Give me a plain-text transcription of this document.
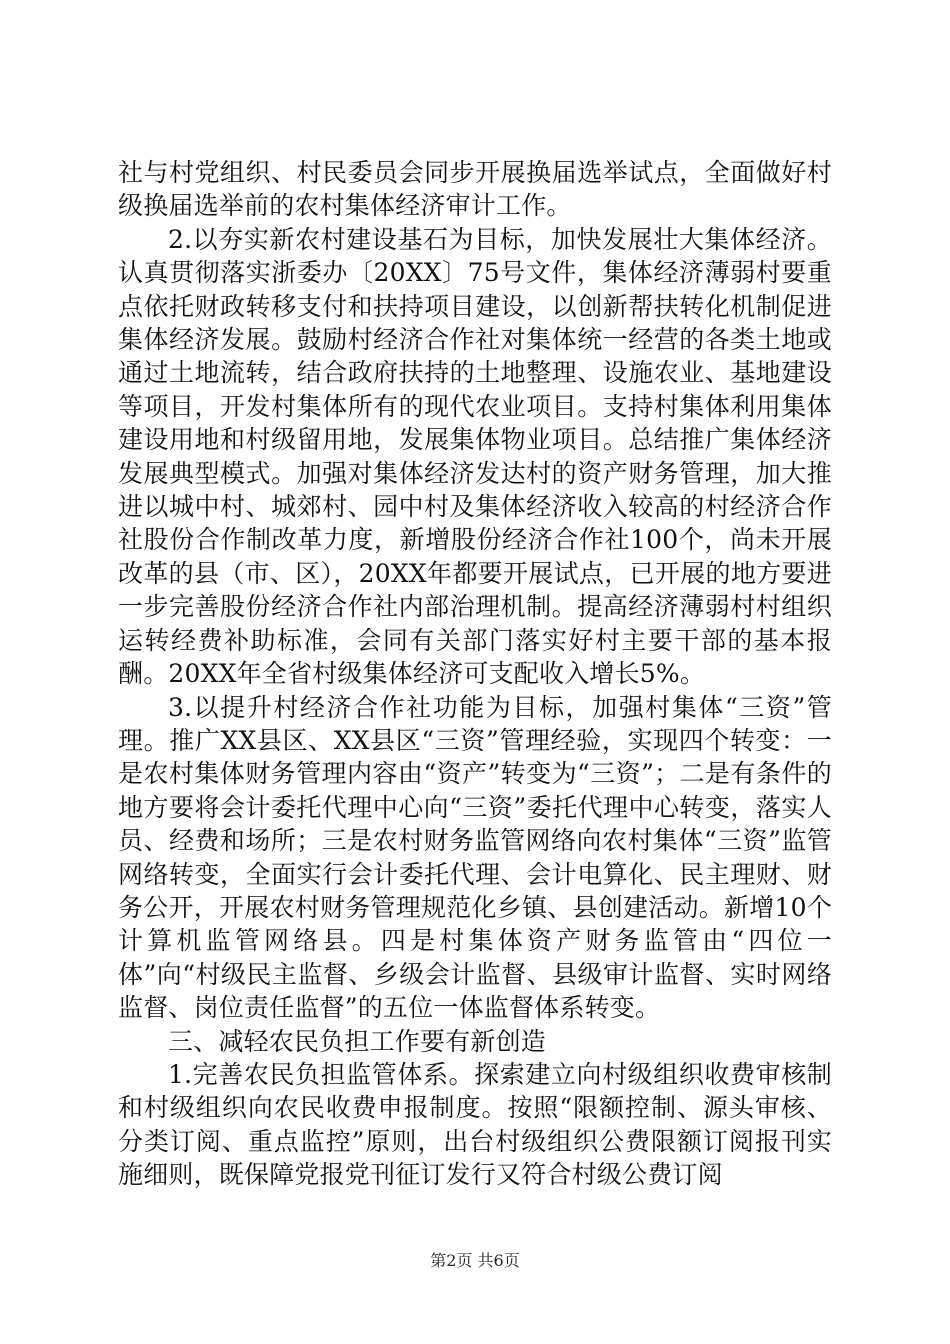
社与村党组织、村民委员会同步开展换届选举试点，全面做好村级换届选举前的农村集体经济审计工作。

2.以夯实新农村建设基石为目标，加快发展壮大集体经济。认真贯彻落实浙委办〔20XX〕75号文件，集体经济薄弱村要重点依托财政转移支付和扶持项目建设，以创新帮扶转化机制促进集体经济发展。鼓励村经济合作社对集体统一经营的各类土地或通过土地流转，结合政府扶持的土地整理、设施农业、基地建设等项目，开发村集体所有的现代农业项目。支持村集体利用集体建设用地和村级留用地，发展集体物业项目。总结推广集体经济发展典型模式。加强对集体经济发达村的资产财务管理，加大推进以城中村、城郊村、园中村及集体经济收入较高的村经济合作社股份合作制改革力度，新增股份经济合作社100个，尚未开展改革的县（市、区），20XX年都要开展试点，已开展的地方要进一步完善股份经济合作社内部治理机制。提高经济薄弱村村组织运转经费补助标准，会同有关部门落实好村主要干部的基本报酬。20XX年全省村级集体经济可支配收入增长5%。

3.以提升村经济合作社功能为目标，加强村集体“三资”管理。推广XX县区、XX县区“三资”管理经验，实现四个转变：一是农村集体财务管理内容由“资产”转变为“三资”；二是有条件的地方要将会计委托代理中心向“三资”委托代理中心转变，落实人员、经费和场所；三是农村财务监管网络向农村集体“三资”监管网络转变，全面实行会计委托代理、会计电算化、民主理财、财务公开，开展农村财务管理规范化乡镇、县创建活动。新增10个计算机监管网络县。四是村集体资产财务监管由“四位一体”向“村级民主监督、乡级会计监督、县级审计监督、实时网络监督、岗位责任监督”的五位一体监督体系转变。

三、减轻农民负担工作要有新创造

1.完善农民负担监管体系。探索建立向村级组织收费审核制和村级组织向农民收费申报制度。按照“限额控制、源头审核、分类订阅、重点监控”原则，出台村级组织公费限额订阅报刊实施细则，既保障党报党刊征订发行又符合村级公费订阅

第2页 共6页
